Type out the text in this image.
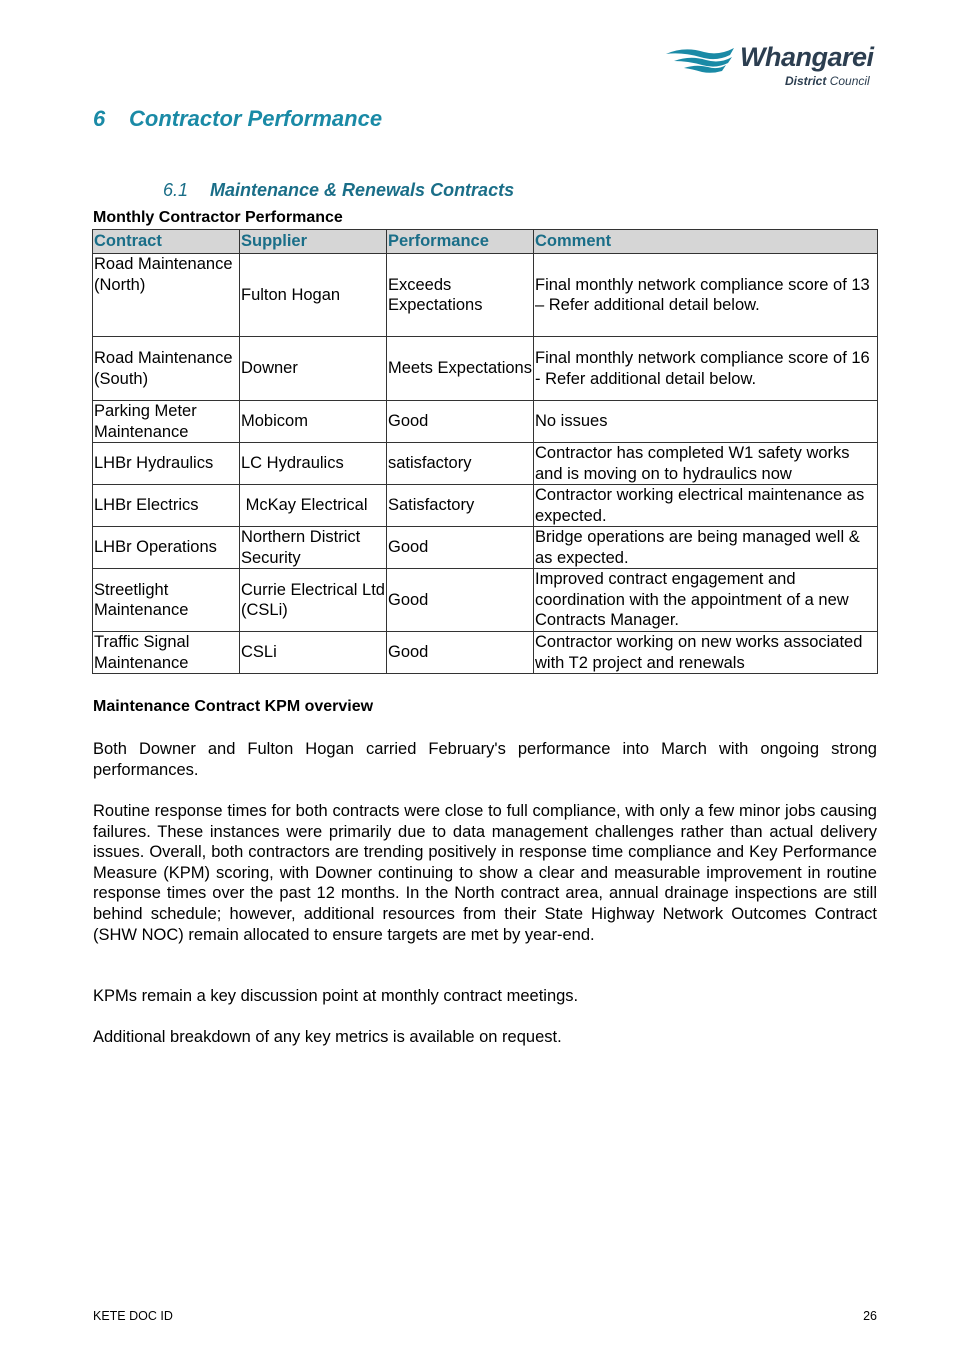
Whangarei
District Council
6 Contractor Performance
6.1 Maintenance & Renewals Contracts
Monthly Contractor Performance
Contract	Supplier	Performance	Comment
Road Maintenance (North)	Fulton Hogan	Exceeds Expectations	Final monthly network compliance score of 13 – Refer additional detail below.
Road Maintenance (South)	Downer	Meets Expectations	Final monthly network compliance score of 16 - Refer additional detail below.
Parking Meter Maintenance	Mobicom	Good	No issues
LHBr Hydraulics	LC Hydraulics	satisfactory	Contractor has completed W1 safety works and is moving on to hydraulics now
LHBr Electrics	McKay Electrical	Satisfactory	Contractor working electrical maintenance as expected.
LHBr Operations	Northern District Security	Good	Bridge operations are being managed well & as expected.
Streetlight Maintenance	Currie Electrical Ltd (CSLi)	Good	Improved contract engagement and coordination with the appointment of a new Contracts Manager.
Traffic Signal Maintenance	CSLi	Good	Contractor working on new works associated with T2 project and renewals
Maintenance Contract KPM overview

Both Downer and Fulton Hogan carried February's performance into March with ongoing strong performances.

Routine response times for both contracts were close to full compliance, with only a few minor jobs causing failures. These instances were primarily due to data management challenges rather than actual delivery issues. Overall, both contractors are trending positively in response time compliance and Key Performance Measure (KPM) scoring, with Downer continuing to show a clear and measurable improvement in routine response times over the past 12 months. In the North contract area, annual drainage inspections are still behind schedule; however, additional resources from their State Highway Network Outcomes Contract (SHW NOC) remain allocated to ensure targets are met by year-end.

KPMs remain a key discussion point at monthly contract meetings.

Additional breakdown of any key metrics is available on request.

KETE DOC ID	26
